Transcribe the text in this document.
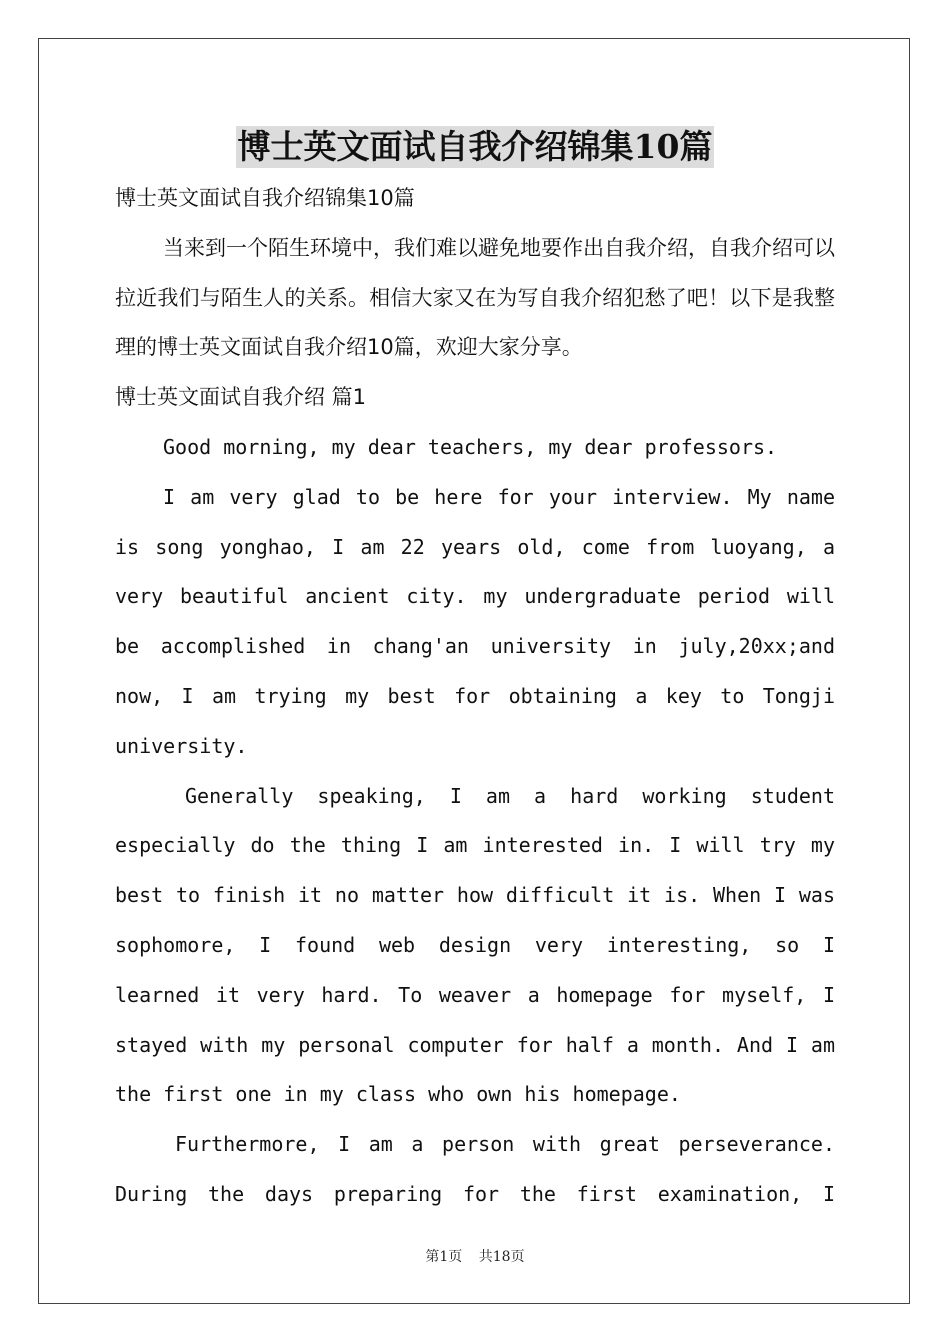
博士英文面试自我介绍锦集10篇

博士英文面试自我介绍锦集10篇

当来到一个陌生环境中，我们难以避免地要作出自我介绍，自我介绍可以拉近我们与陌生人的关系。相信大家又在为写自我介绍犯愁了吧！以下是我整理的博士英文面试自我介绍10篇，欢迎大家分享。

博士英文面试自我介绍 篇1

Good morning, my dear teachers, my dear professors.

I am very glad to be here for your interview. My name is song yonghao, I am 22 years old, come from luoyang, a very beautiful ancient city. my undergraduate period will be accomplished in chang'an university in july,20xx;and now, I am trying my best for obtaining a key to Tongji university.

Generally speaking, I am a hard working student especially do the thing I am interested in. I will try my best to finish it no matter how difficult it is. When I was sophomore, I found web design very interesting, so I learned it very hard. To weaver a homepage for myself, I stayed with my personal computer for half a month. And I am the first one in my class who own his homepage.

Furthermore, I am a person with great perseverance. During the days preparing for the first examination, I

第1页 共18页
